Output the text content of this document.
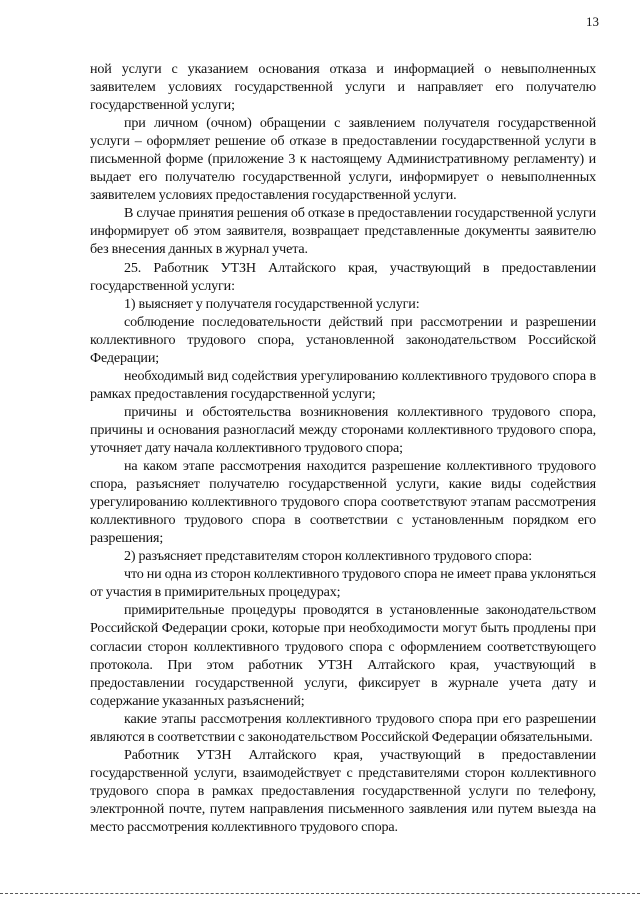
13

ной услуги с указанием основания отказа и информацией о невыполненных заявителем условиях государственной услуги и направляет его получателю государственной услуги;

при личном (очном) обращении с заявлением получателя государственной услуги – оформляет решение об отказе в предоставлении государственной услуги в письменной форме (приложение 3 к настоящему Административному регламенту) и выдает его получателю государственной услуги, информирует о невыполненных заявителем условиях предоставления государственной услуги.

В случае принятия решения об отказе в предоставлении государственной услуги информирует об этом заявителя, возвращает представленные документы заявителю без внесения данных в журнал учета.

25. Работник УТЗН Алтайского края, участвующий в предоставлении государственной услуги:

1) выясняет у получателя государственной услуги:

соблюдение последовательности действий при рассмотрении и разрешении коллективного трудового спора, установленной законодательством Российской Федерации;

необходимый вид содействия урегулированию коллективного трудового спора в рамках предоставления государственной услуги;

причины и обстоятельства возникновения коллективного трудового спора, причины и основания разногласий между сторонами коллективного трудового спора, уточняет дату начала коллективного трудового спора;

на каком этапе рассмотрения находится разрешение коллективного трудового спора, разъясняет получателю государственной услуги, какие виды содействия урегулированию коллективного трудового спора соответствуют этапам рассмотрения коллективного трудового спора в соответствии с установленным порядком его разрешения;

2) разъясняет представителям сторон коллективного трудового спора:

что ни одна из сторон коллективного трудового спора не имеет права уклоняться от участия в примирительных процедурах;

примирительные процедуры проводятся в установленные законодательством Российской Федерации сроки, которые при необходимости могут быть продлены при согласии сторон коллективного трудового спора с оформлением соответствующего протокола. При этом работник УТЗН Алтайского края, участвующий в предоставлении государственной услуги, фиксирует в журнале учета дату и содержание указанных разъяснений;

какие этапы рассмотрения коллективного трудового спора при его разрешении являются в соответствии с законодательством Российской Федерации обязательными.

Работник УТЗН Алтайского края, участвующий в предоставлении государственной услуги, взаимодействует с представителями сторон коллективного трудового спора в рамках предоставления государственной услуги по телефону, электронной почте, путем направления письменного заявления или путем выезда на место рассмотрения коллективного трудового спора.
